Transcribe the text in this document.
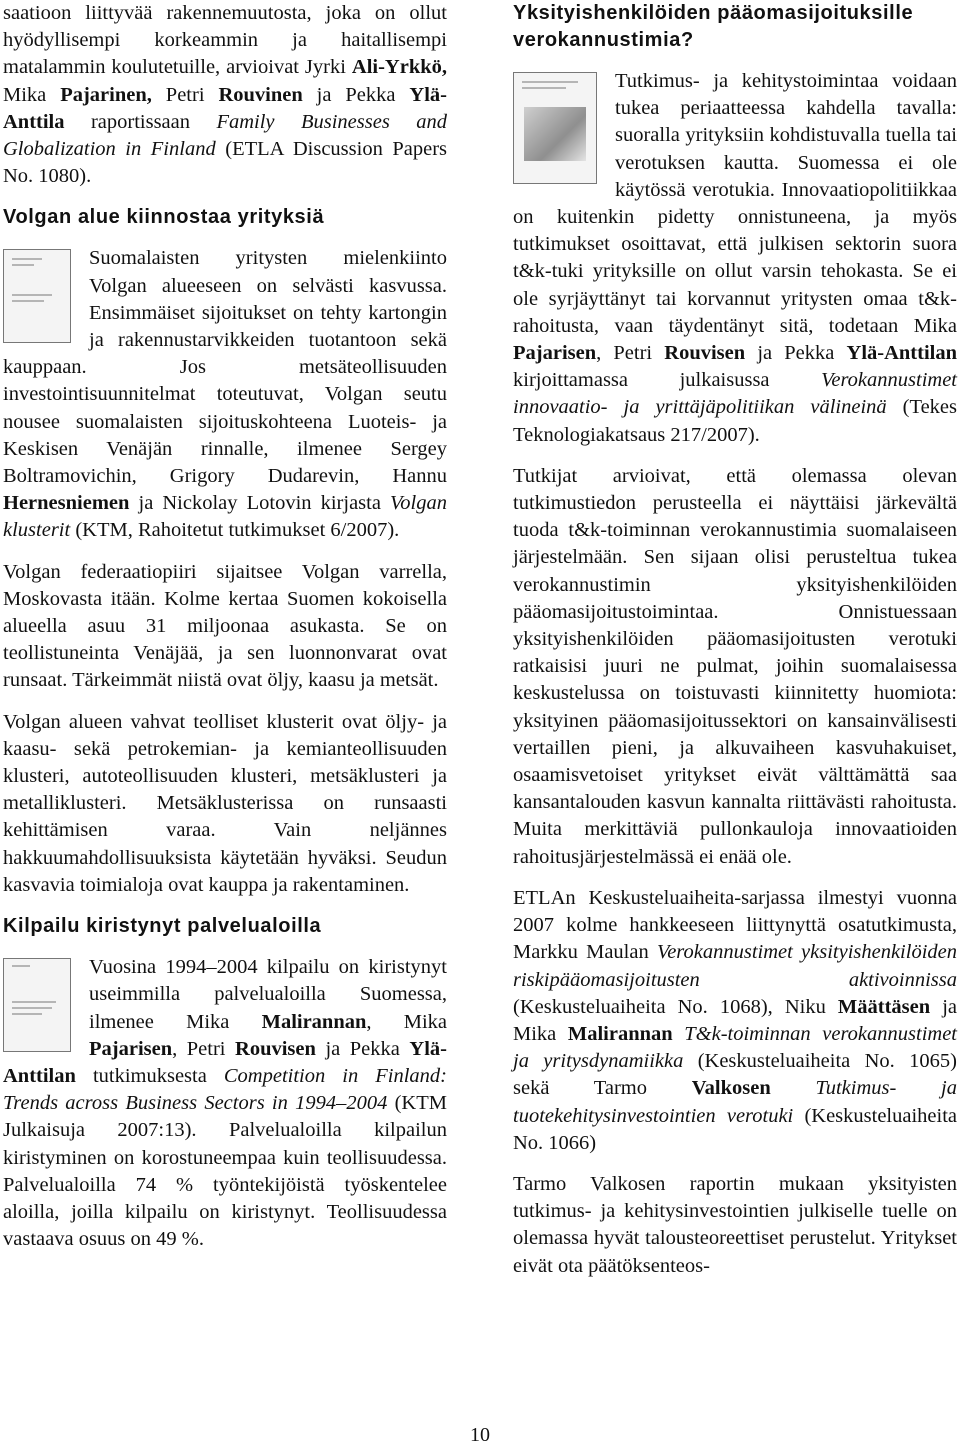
saatioon liittyvää rakennemuutosta, joka on ollut hyödyllisempi korkeammin ja haitallisempi matalammin koulutetuille, arvioivat Jyrki Ali-Yrkkö, Mika Pajarinen, Petri Rouvinen ja Pekka Ylä-Anttila raportissaan Family Businesses and Globalization in Finland (ETLA Discussion Papers No. 1080).

Volgan alue kiinnostaa yrityksiä

Suomalaisten yritysten mielenkiinto Volgan alueeseen on selvästi kasvussa. Ensimmäiset sijoitukset on tehty kartongin ja rakennustarvikkeiden tuotantoon sekä kauppaan. Jos metsäteollisuuden investointisuunnitelmat toteutuvat, Volgan seutu nousee suomalaisten sijoituskohteena Luoteis- ja Keskisen Venäjän rinnalle, ilmenee Sergey Boltramovichin, Grigory Dudarevin, Hannu Hernesniemen ja Nickolay Lotovin kirjasta Volgan klusterit (KTM, Rahoitetut tutkimukset 6/2007).

Volgan federaatiopiiri sijaitsee Volgan varrella, Moskovasta itään. Kolme kertaa Suomen kokoisella alueella asuu 31 miljoonaa asukasta. Se on teollistuneinta Venäjää, ja sen luonnonvarat ovat runsaat. Tärkeimmät niistä ovat öljy, kaasu ja metsät.

Volgan alueen vahvat teolliset klusterit ovat öljy- ja kaasu- sekä petrokemian- ja kemianteollisuuden klusteri, autoteollisuuden klusteri, metsäklusteri ja metalliklusteri. Metsäklusterissa on runsaasti kehittämisen varaa. Vain neljännes hakkuumahdollisuuksista käytetään hyväksi. Seudun kasvavia toimialoja ovat kauppa ja rakentaminen.

Kilpailu kiristynyt palvelualoilla

Vuosina 1994–2004 kilpailu on kiristynyt useimmilla palvelualoilla Suomessa, ilmenee Mika Malirannan, Mika Pajarisen, Petri Rouvisen ja Pekka Ylä-Anttilan tutkimuksesta Competition in Finland: Trends across Business Sectors in 1994–2004 (KTM Julkaisuja 2007:13). Palvelualoilla kilpailun kiristyminen on korostuneempaa kuin teollisuudessa. Palvelualoilla 74 % työntekijöistä työskentelee aloilla, joilla kilpailu on kiristynyt. Teollisuudessa vastaava osuus on 49 %.

Yksityishenkilöiden pääomasijoituksille verokannustimia?

Tutkimus- ja kehitystoimintaa voidaan tukea periaatteessa kahdella tavalla: suoralla yrityksiin kohdistuvalla tuella tai verotuksen kautta. Suomessa ei ole käytössä verotukia. Innovaatiopolitiikkaa on kuitenkin pidetty onnistuneena, ja myös tutkimukset osoittavat, että julkisen sektorin suora t&k-tuki yrityksille on ollut varsin tehokasta. Se ei ole syrjäyttänyt tai korvannut yritysten omaa t&k-rahoitusta, vaan täydentänyt sitä, todetaan Mika Pajarisen, Petri Rouvisen ja Pekka Ylä-Anttilan kirjoittamassa julkaisussa Verokannustimet innovaatio- ja yrittäjäpolitiikan välineinä (Tekes Teknologiakatsaus 217/2007).

Tutkijat arvioivat, että olemassa olevan tutkimustiedon perusteella ei näyttäisi järkevältä tuoda t&k-toiminnan verokannustimia suomalaiseen järjestelmään. Sen sijaan olisi perusteltua tukea verokannustimin yksityishenkilöiden pääomasijoitustoimintaa. Onnistuessaan yksityishenkilöiden pääomasijoitusten verotuki ratkaisisi juuri ne pulmat, joihin suomalaisessa keskustelussa on toistuvasti kiinnitetty huomiota: yksityinen pääomasijoitussektori on kansainvälisesti vertaillen pieni, ja alkuvaiheen kasvuhakuiset, osaamisvetoiset yritykset eivät välttämättä saa kansantalouden kasvun kannalta riittävästi rahoitusta. Muita merkittäviä pullonkauloja innovaatioiden rahoitusjärjestelmässä ei enää ole.

ETLAn Keskusteluaiheita-sarjassa ilmestyi vuonna 2007 kolme hankkeeseen liittynyttä osatutkimusta, Markku Maulan Verokannustimet yksityishenkilöiden riskipääomasijoitusten aktivoinnissa (Keskusteluaiheita No. 1068), Niku Määttäsen ja Mika Malirannan T&k-toiminnan verokannustimet ja yritysdynamiikka (Keskusteluaiheita No. 1065) sekä Tarmo Valkosen Tutkimus- ja tuotekehitysinvestointien verotuki (Keskusteluaiheita No. 1066)

Tarmo Valkosen raportin mukaan yksityisten tutkimus- ja kehitysinvestointien julkiselle tuelle on olemassa hyvät talousteoreettiset perustelut. Yritykset eivät ota päätöksenteos-

10
